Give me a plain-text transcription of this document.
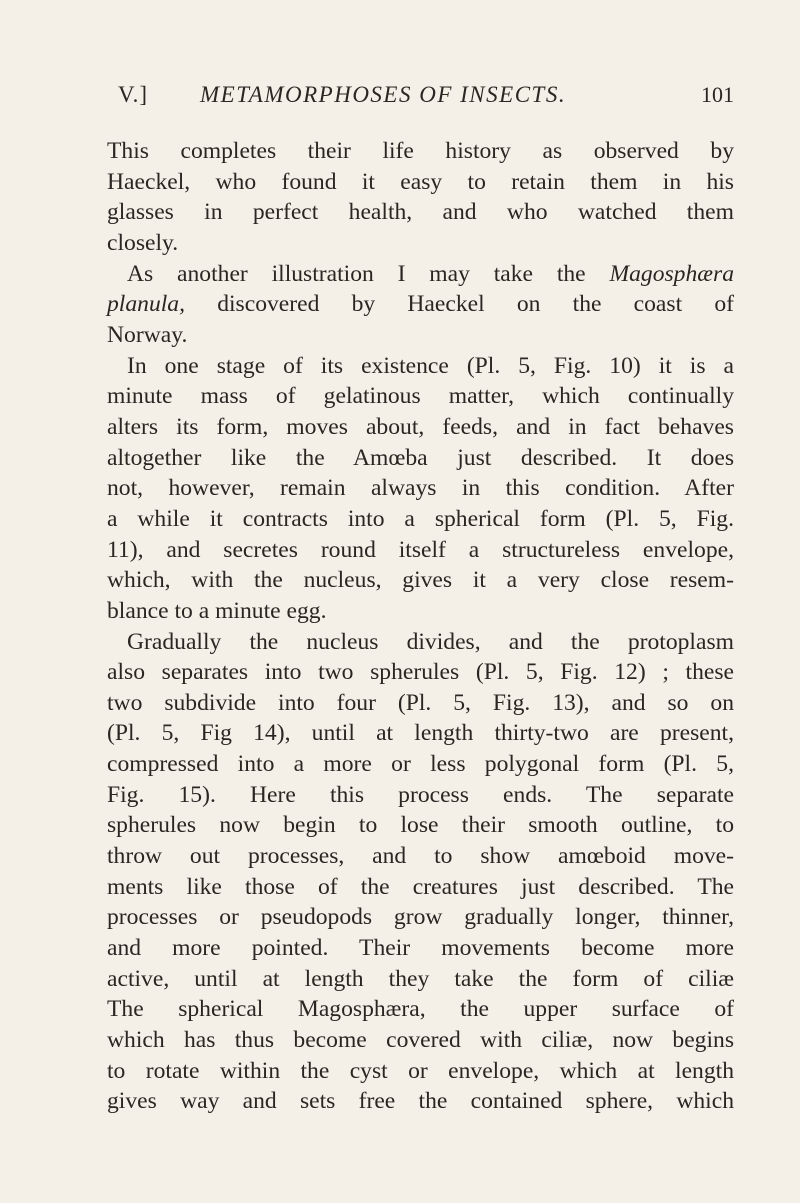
V.] METAMORPHOSES OF INSECTS.	101
This completes their life history as observed by
Haeckel, who found it easy to retain them in his
glasses in perfect health, and who watched them
closely.
As another illustration I may take the Magosphæra
planula, discovered by Haeckel on the coast of
Norway.
In one stage of its existence (Pl. 5, Fig. 10) it is a
minute mass of gelatinous matter, which continually
alters its form, moves about, feeds, and in fact behaves
altogether like the Amœba just described. It does
not, however, remain always in this condition. After
a while it contracts into a spherical form (Pl. 5, Fig.
11), and secretes round itself a structureless envelope,
which, with the nucleus, gives it a very close resem-
blance to a minute egg.
Gradually the nucleus divides, and the protoplasm
also separates into two spherules (Pl. 5, Fig. 12) ; these
two subdivide into four (Pl. 5, Fig. 13), and so on
(Pl. 5, Fig 14), until at length thirty-two are present,
compressed into a more or less polygonal form (Pl. 5,
Fig. 15). Here this process ends. The separate
spherules now begin to lose their smooth outline, to
throw out processes, and to show amœboid move-
ments like those of the creatures just described. The
processes or pseudopods grow gradually longer, thinner,
and more pointed. Their movements become more
active, until at length they take the form of ciliæ
The spherical Magosphæra, the upper surface of
which has thus become covered with ciliæ, now begins
to rotate within the cyst or envelope, which at length
gives way and sets free the contained sphere, which
